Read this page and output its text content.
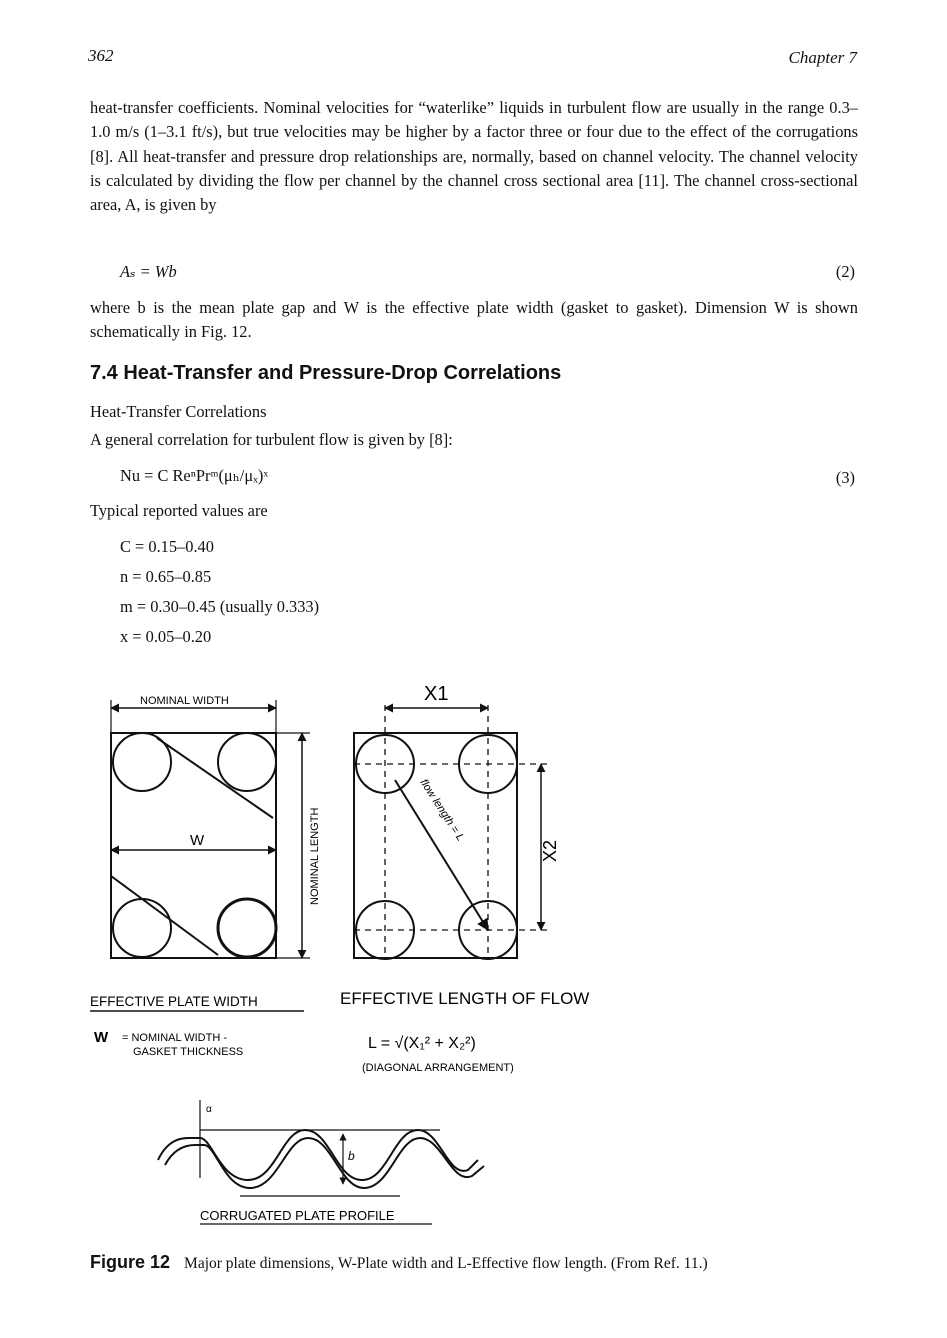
362	Chapter 7
heat-transfer coefficients. Nominal velocities for “waterlike” liquids in turbulent flow are usually in the range 0.3–1.0 m/s (1–3.1 ft/s), but true velocities may be higher by a factor three or four due to the effect of the corrugations [8]. All heat-transfer and pressure drop relationships are, normally, based on channel velocity. The channel velocity is calculated by dividing the flow per channel by the channel cross sectional area [11]. The channel cross-sectional area, A, is given by
Aₛ = Wb	(2)
where b is the mean plate gap and W is the effective plate width (gasket to gasket). Dimension W is shown schematically in Fig. 12.
7.4 Heat-Transfer and Pressure-Drop Correlations
Heat-Transfer Correlations
A general correlation for turbulent flow is given by [8]:
Nu = C ReⁿPrᵐ(μₕ/μₓ)ˣ	(3)
Typical reported values are
C = 0.15–0.40
n = 0.65–0.85
m = 0.30–0.45 (usually 0.333)
x = 0.05–0.20
NOMINAL WIDTH
W	NOMINAL LENGTH
X1
X2
flow length = L
EFFECTIVE PLATE WIDTH
W = NOMINAL WIDTH -
GASKET THICKNESS
EFFECTIVE LENGTH OF FLOW
L = √(X₁² + X₂²)
(DIAGONAL ARRANGEMENT)
α
b
CORRUGATED PLATE PROFILE
Figure 12 Major plate dimensions, W-Plate width and L-Effective flow length. (From Ref. 11.)
